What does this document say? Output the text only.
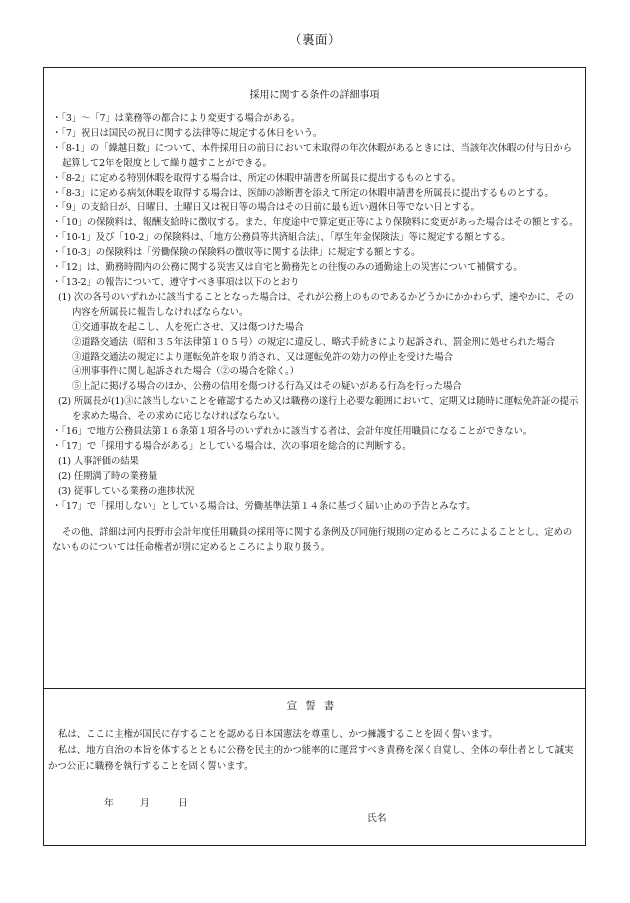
（裏面）
採用に関する条件の詳細事項

・「3」～「7」は業務等の都合により変更する場合がある。

・「7」祝日は国民の祝日に関する法律等に規定する休日をいう。

・「8-1」の「繰越日数」について、本件採用日の前日において未取得の年次休暇があるときには、当該年次休暇の付与日から起算して2年を限度として繰り越すことができる。

・「8-2」に定める特別休暇を取得する場合は、所定の休暇申請書を所属長に提出するものとする。

・「8-3」に定める病気休暇を取得する場合は、医師の診断書を添えて所定の休暇申請書を所属長に提出するものとする。

・「9」の支給日が、日曜日、土曜日又は祝日等の場合はその日前に最も近い週休日等でない日とする。

・「10」の保険料は、報酬支給時に徴収する。また、年度途中で算定更正等により保険料に変更があった場合はその額とする。

・「10-1」及び「10-2」の保険料は、「地方公務員等共済組合法」、「厚生年金保険法」等に規定する額とする。

・「10-3」の保険料は「労働保険の保険料の徴収等に関する法律」に規定する額とする。

・「12」は、勤務時間内の公務に関する災害又は自宅と勤務先との往復のみの通勤途上の災害について補償する。

・「13-2」の報告について、遵守すべき事項は以下のとおり

(1) 次の各号のいずれかに該当することとなった場合は、それが公務上のものであるかどうかにかかわらず、速やかに、その内容を所属長に報告しなければならない。

①交通事故を起こし、人を死亡させ、又は傷つけた場合

②道路交通法（昭和３５年法律第１０５号）の規定に違反し、略式手続きにより起訴され、罰金刑に処せられた場合

③道路交通法の規定により運転免許を取り消され、又は運転免許の効力の停止を受けた場合

④刑事事件に関し起訴された場合（②の場合を除く。）

⑤上記に掲げる場合のほか、公務の信用を傷つける行為又はその疑いがある行為を行った場合

(2) 所属長が(1)③に該当しないことを確認するため又は職務の遂行上必要な範囲において、定期又は随時に運転免許証の提示を求めた場合、その求めに応じなければならない。

・「16」で地方公務員法第１６条第１項各号のいずれかに該当する者は、会計年度任用職員になることができない。

・「17」で「採用する場合がある」としている場合は、次の事項を総合的に判断する。

(1) 人事評価の結果

(2) 任期満了時の業務量

(3) 従事している業務の進捗状況

・「17」で「採用しない」としている場合は、労働基準法第１４条に基づく届い止めの予告とみなす。

その他、詳細は河内長野市会計年度任用職員の採用等に関する条例及び同施行規則の定めるところによることとし、定めのないものについては任命権者が別に定めるところにより取り扱う。

宣誓書

私は、ここに主権が国民に存することを認める日本国憲法を尊重し、かつ擁護することを固く誓います。

私は、地方自治の本旨を体するとともに公務を民主的かつ能率的に運営すべき責務を深く自覚し、全体の奉仕者として誠実かつ公正に職務を執行することを固く誓います。

年	月	日
氏名
